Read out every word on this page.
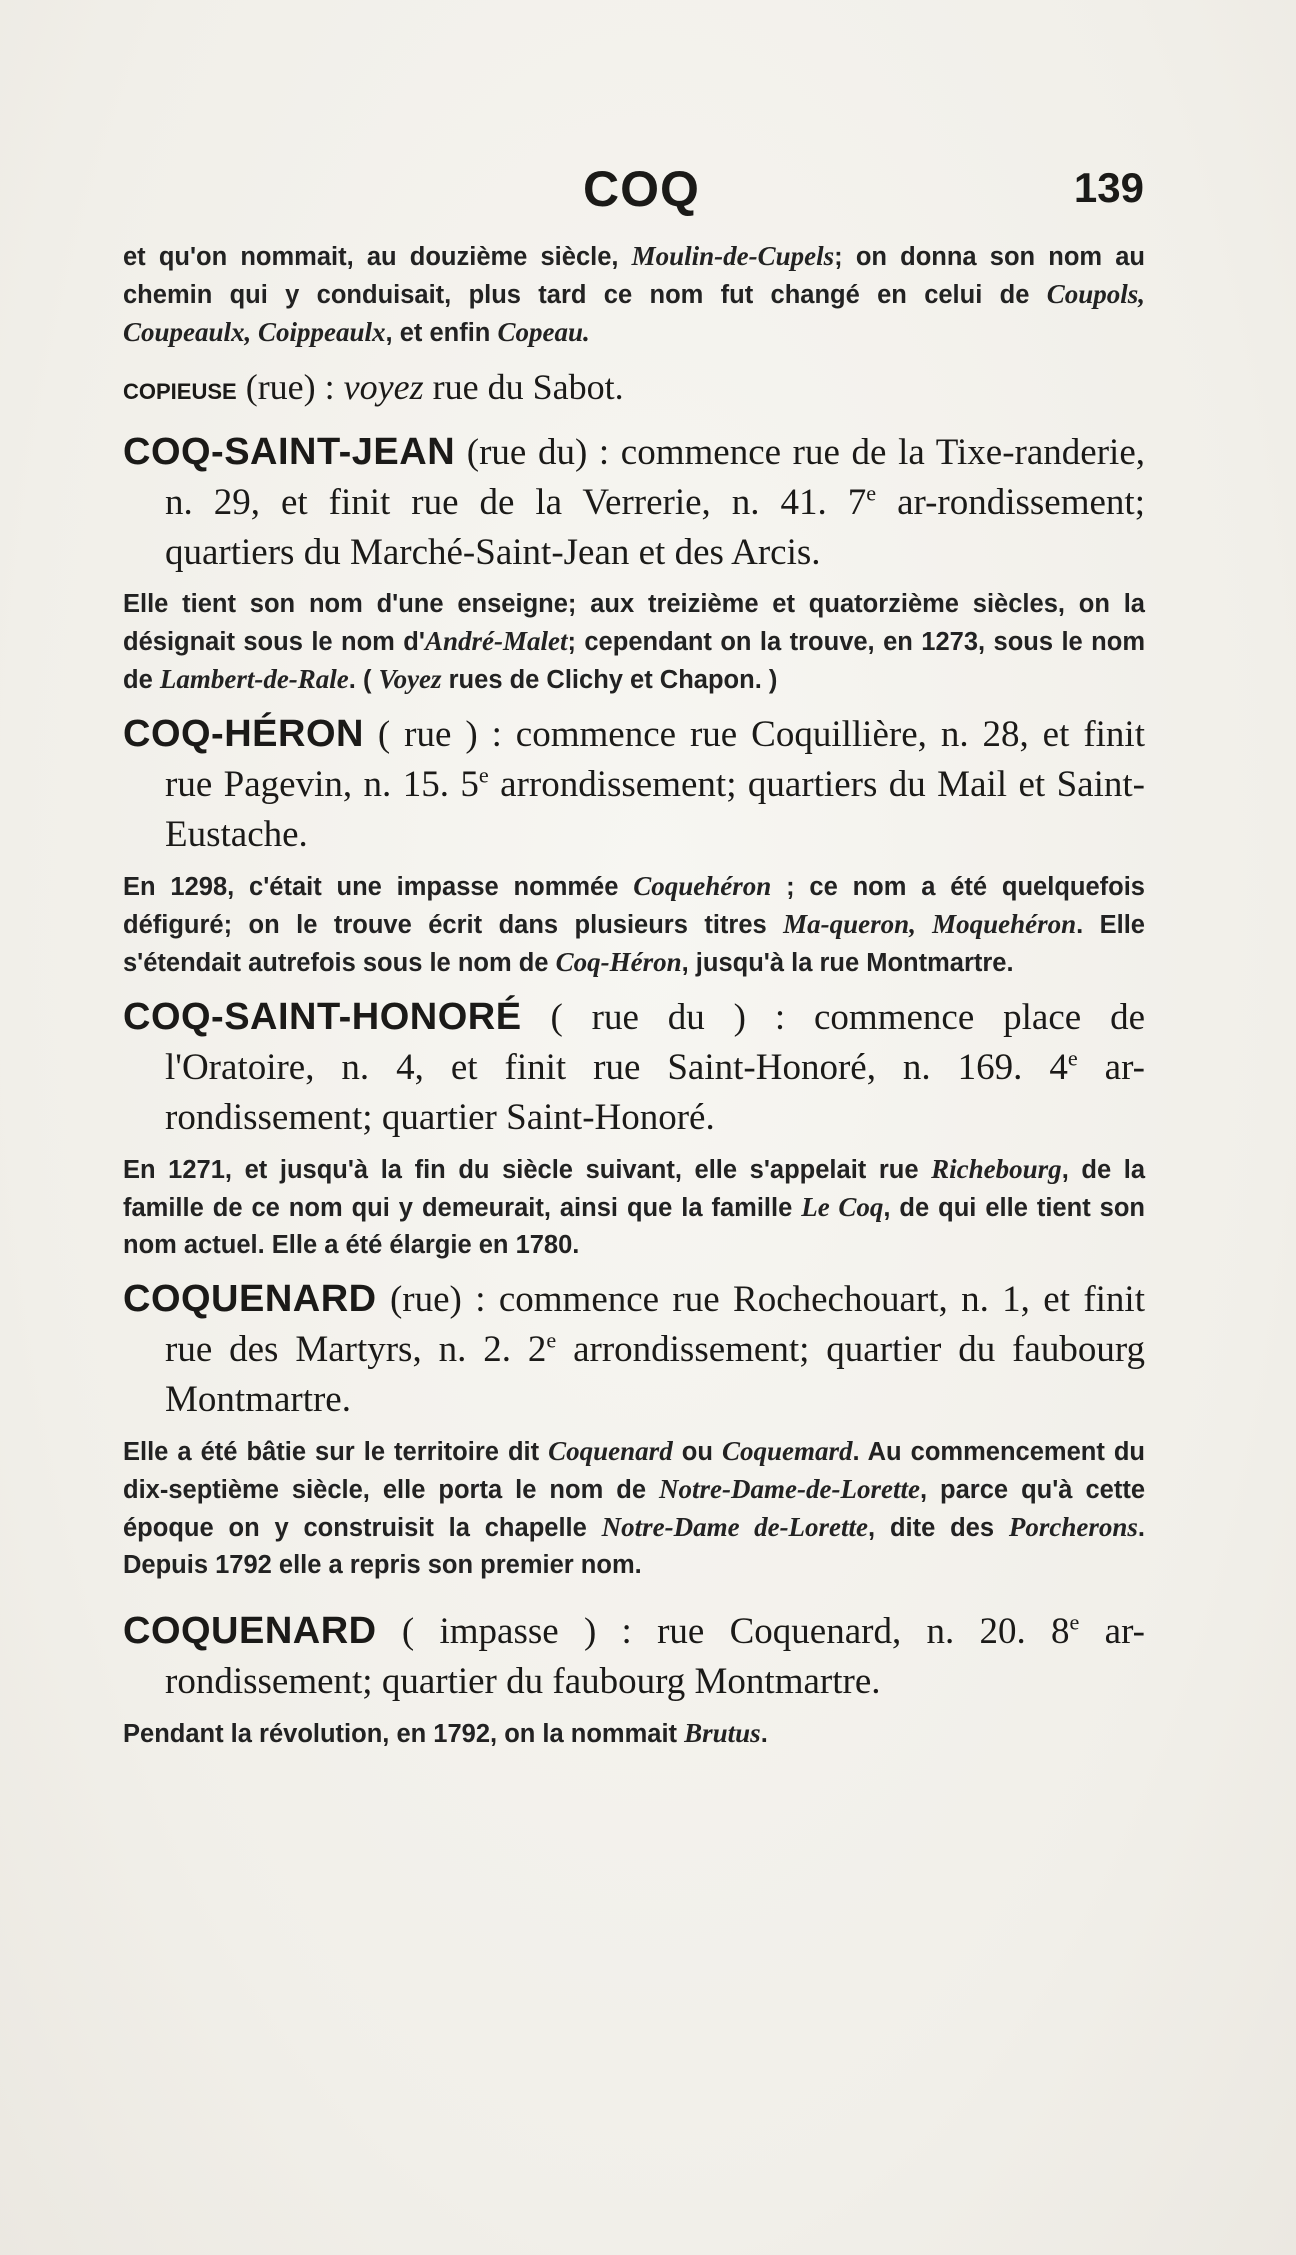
COQ	139

et qu'on nommait, au douzième siècle, Moulin-de-Cupels; on donna son nom au chemin qui y conduisait, plus tard ce nom fut changé en celui de Coupols, Coupeaulx, Coippeaulx, et enfin Copeau.

COPIEUSE (rue) : voyez rue du Sabot.

COQ-SAINT-JEAN (rue du) : commence rue de la Tixe-randerie, n. 29, et finit rue de la Verrerie, n. 41. 7e ar-rondissement; quartiers du Marché-Saint-Jean et des Arcis.

Elle tient son nom d'une enseigne; aux treizième et quatorzième siècles, on la désignait sous le nom d'André-Malet; cependant on la trouve, en 1273, sous le nom de Lambert-de-Rale. ( Voyez rues de Clichy et Chapon. )

COQ-HÉRON ( rue ) : commence rue Coquillière, n. 28, et finit rue Pagevin, n. 15. 5e arrondissement; quartiers du Mail et Saint-Eustache.

En 1298, c'était une impasse nommée Coquehéron ; ce nom a été quelquefois défiguré; on le trouve écrit dans plusieurs titres Ma-queron, Moquehéron. Elle s'étendait autrefois sous le nom de Coq-Héron, jusqu'à la rue Montmartre.

COQ-SAINT-HONORÉ ( rue du ) : commence place de l'Oratoire, n. 4, et finit rue Saint-Honoré, n. 169. 4e ar-rondissement; quartier Saint-Honoré.

En 1271, et jusqu'à la fin du siècle suivant, elle s'appelait rue Richebourg, de la famille de ce nom qui y demeurait, ainsi que la famille Le Coq, de qui elle tient son nom actuel. Elle a été élargie en 1780.

COQUENARD (rue) : commence rue Rochechouart, n. 1, et finit rue des Martyrs, n. 2. 2e arrondissement; quartier du faubourg Montmartre.

Elle a été bâtie sur le territoire dit Coquenard ou Coquemard. Au commencement du dix-septième siècle, elle porta le nom de Notre-Dame-de-Lorette, parce qu'à cette époque on y construisit la chapelle Notre-Dame de-Lorette, dite des Porcherons. Depuis 1792 elle a repris son premier nom.

COQUENARD ( impasse ) : rue Coquenard, n. 20. 8e ar-rondissement; quartier du faubourg Montmartre.

Pendant la révolution, en 1792, on la nommait Brutus.
